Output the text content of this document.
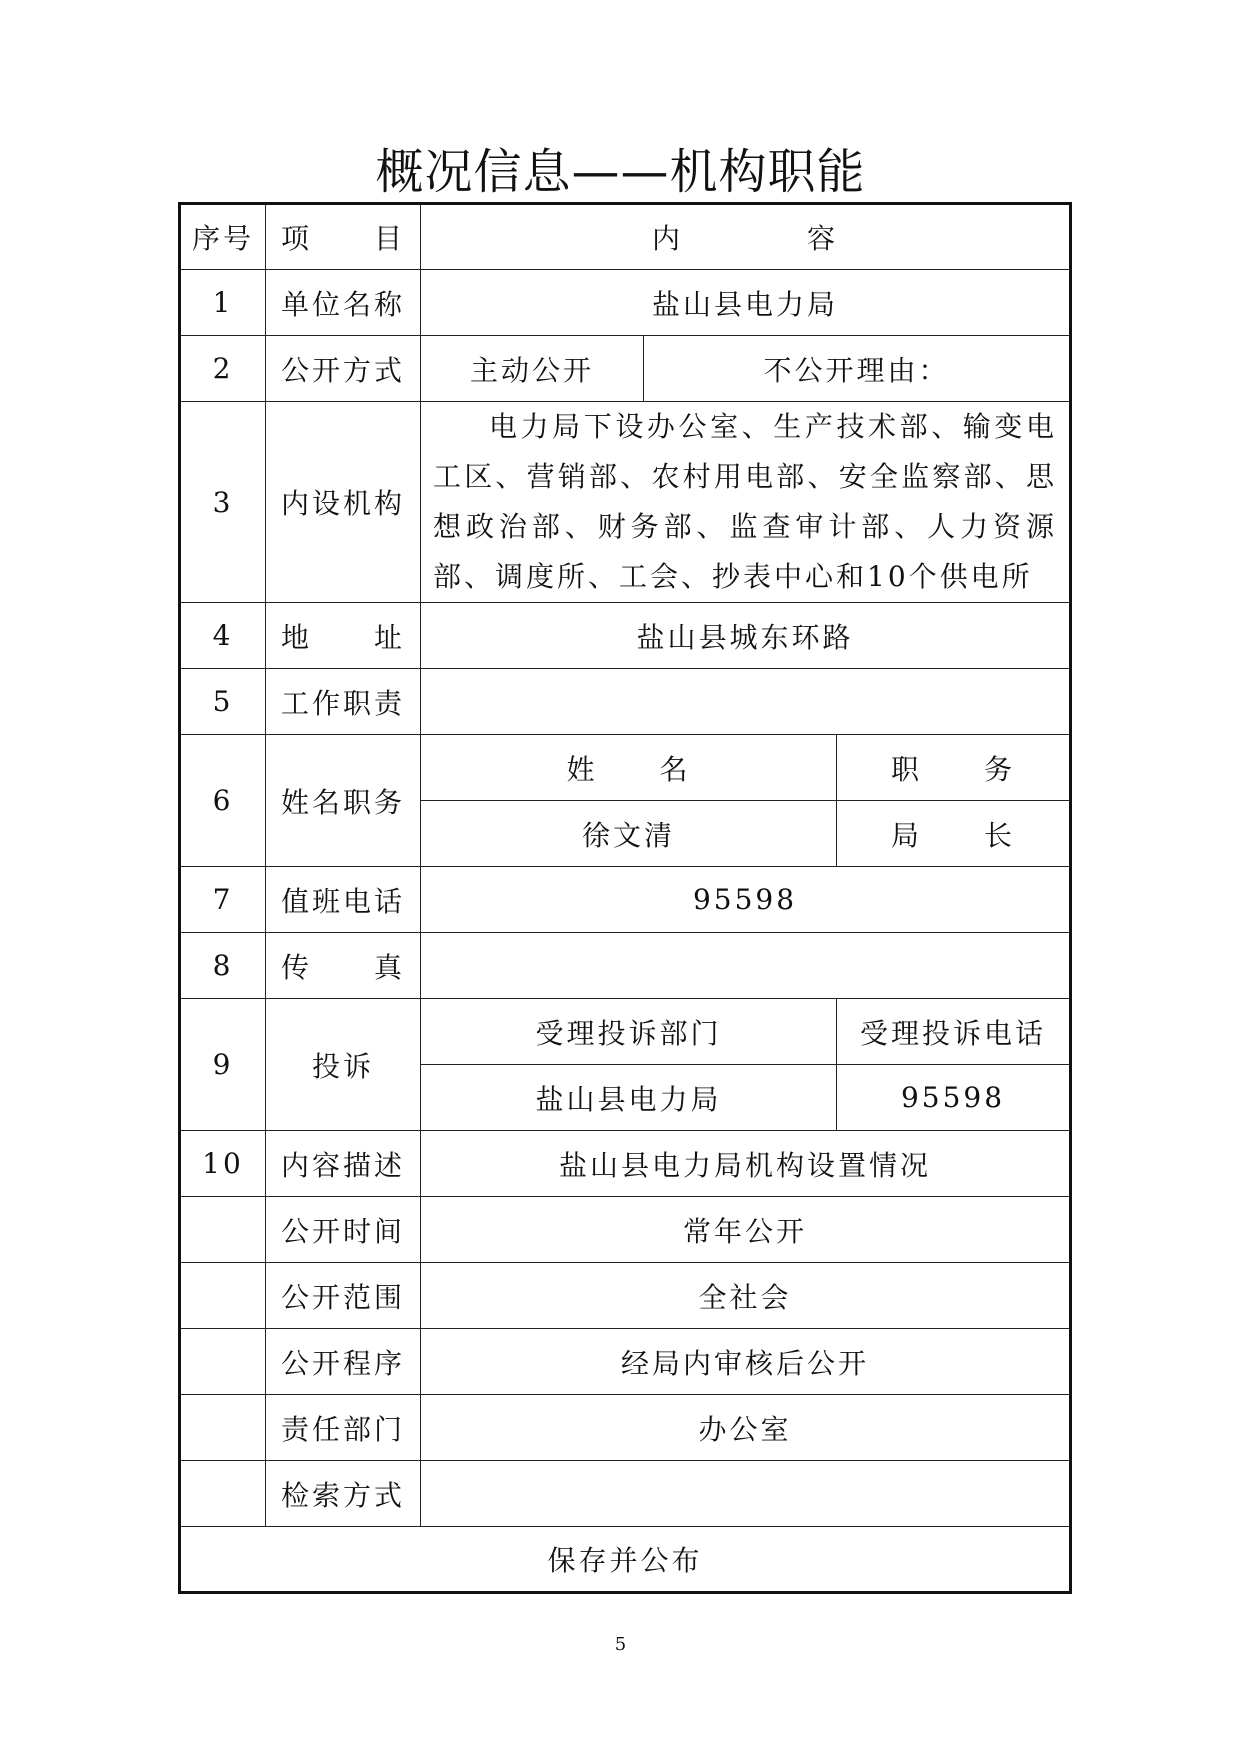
概况信息——机构职能
序号	项　　目	内　　　　容		
1	单位名称	盐山县电力局		
2	公开方式	主动公开	不公开理由：	
3	内设机构	电力局下设办公室、生产技术部、输变电工区、营销部、农村用电部、安全监察部、思想政治部、财务部、监查审计部、人力资源部、调度所、工会、抄表中心和10个供电所		
4	地　　址	盐山县城东环路		
5	工作职责			
6	姓名职务	姓　　名		职　　务
		徐文清		局　　长
7	值班电话	95598		
8	传　　真			
9	投诉	受理投诉部门		受理投诉电话
		盐山县电力局		95598
10	内容描述	盐山县电力局机构设置情况		
	公开时间	常年公开		
	公开范围	全社会		
	公开程序	经局内审核后公开		
	责任部门	办公室		
	检索方式			
保存并公布				
5
